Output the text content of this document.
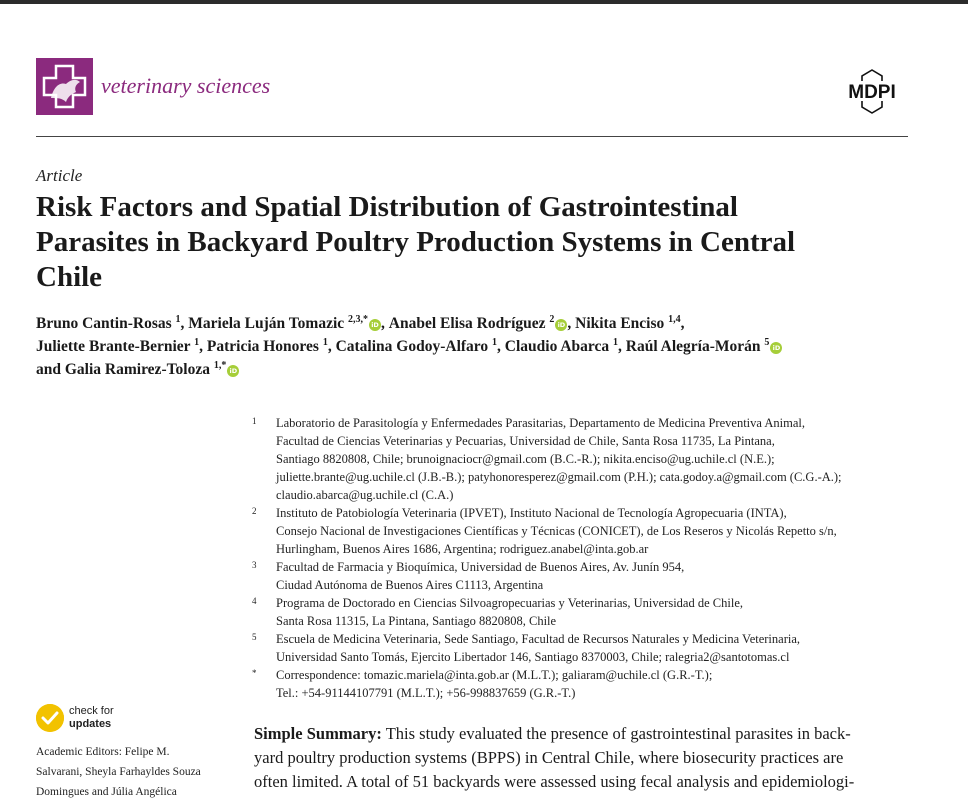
veterinary sciences	MDPI
Article
Risk Factors and Spatial Distribution of Gastrointestinal Parasites in Backyard Poultry Production Systems in Central Chile
Bruno Cantin-Rosas $^1$, Mariela Luján Tomazic $^{2,3,*}$ iD , Anabel Elisa Rodríguez $^2$ iD , Nikita Enciso $^{1,4}$,
Juliette Brante-Bernier $^1$, Patricia Honores $^1$, Catalina Godoy-Alfaro $^1$, Claudio Abarca $^1$, Raúl Alegría-Morán $^5$ iD
and Galia Ramirez-Toloza $^{1,*}$ iD
1 Laboratorio de Parasitología y Enfermedades Parasitarias, Departamento de Medicina Preventiva Animal,
Facultad de Ciencias Veterinarias y Pecuarias, Universidad de Chile, Santa Rosa 11735, La Pintana,
Santiago 8820808, Chile; brunoignaciocr@gmail.com (B.C.-R.); nikita.enciso@ug.uchile.cl (N.E.);
juliette.brante@ug.uchile.cl (J.B.-B.); patyhonoresperez@gmail.com (P.H.); cata.godoy.a@gmail.com (C.G.-A.);
claudio.abarca@ug.uchile.cl (C.A.)
2 Instituto de Patobiología Veterinaria (IPVET), Instituto Nacional de Tecnología Agropecuaria (INTA),
Consejo Nacional de Investigaciones Científicas y Técnicas (CONICET), de Los Reseros y Nicolás Repetto s/n,
Hurlingham, Buenos Aires 1686, Argentina; rodriguez.anabel@inta.gob.ar
3 Facultad de Farmacia y Bioquímica, Universidad de Buenos Aires, Av. Junín 954,
Ciudad Autónoma de Buenos Aires C1113, Argentina
4 Programa de Doctorado en Ciencias Silvoagropecuarias y Veterinarias, Universidad de Chile,
Santa Rosa 11315, La Pintana, Santiago 8820808, Chile
5 Escuela de Medicina Veterinaria, Sede Santiago, Facultad de Recursos Naturales y Medicina Veterinaria,
Universidad Santo Tomás, Ejercito Libertador 146, Santiago 8370003, Chile; ralegria2@santotomas.cl
* Correspondence: tomazic.mariela@inta.gob.ar (M.L.T.); galiaram@uchile.cl (G.R.-T.);
Tel.: +54-91144107791 (M.L.T.); +56-998837659 (G.R.-T.)
check for
updates
Academic Editors: Felipe M.
Salvarani, Sheyla Farhayldes Souza
Domingues and Júlia Angélica
Simple Summary: This study evaluated the presence of gastrointestinal parasites in back-
yard poultry production systems (BPPS) in Central Chile, where biosecurity practices are
often limited. A total of 51 backyards were assessed using fecal analysis and epidemiologi-
